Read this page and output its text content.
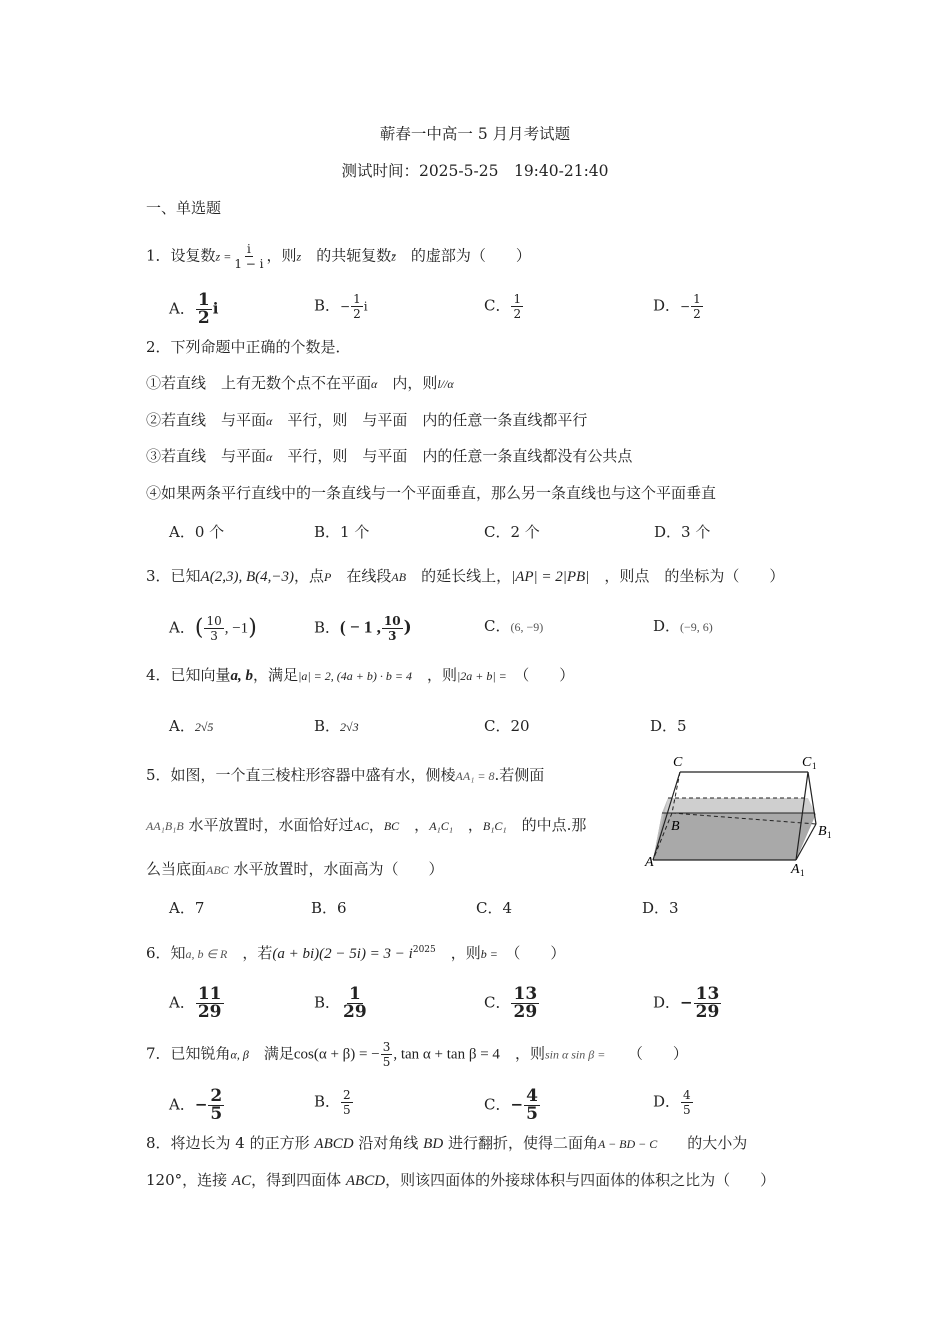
蕲春一中高一 5 月月考试题
测试时间：2025-5-25　19:40-21:40
一、单选题
1．设复数$z = \frac{i}{1 - i}$ ，则z　 的共轭复数z̄　 的虚部为（　　）
A． $\frac{1}{2}$ i	B．− $\frac{1}{2}$ i	C． $\frac{1}{2}$	D．− $\frac{1}{2}$
2．下列命题中正确的个数是．
①若直线　上有无数个点不在平面α　 内，则l//α
②若直线　与平面α　 平行，则　与平面　 内的任意一条直线都平行
③若直线　与平面α　 平行，则　与平面　 内的任意一条直线都没有公共点
④如果两条平行直线中的一条直线与一个平面垂直，那么另一条直线也与这个平面垂直
A．0 个	B．1 个	C．2 个	D．3 个
3．已知A(2,3), B(4,−3)，点P　 在线段AB　 的延长线上，|AP| = 2|PB|　 ，则点　 的坐标为（　　）
A．( $\frac{10}{3}$ , −1)	B．( − 1 , $\frac{10}{3}$ )	C．(6, −9)	D．(−9, 6)
4．已知向量a, b，满足|a| = 2, (4a + b) · b = 4　 ，则|2a + b| =　 （　　）
A．2√5	B．2√3	C．20	D．5
5．如图，一个直三棱柱形容器中盛有水，侧棱AA₁ = 8.若侧面
AA₁B₁B 水平放置时，水面恰好过AC，BC　，A₁C₁　，B₁C₁　 的中点.那
么当底面ABC 水平放置时，水面高为（　　）
A．7	B．6	C．4	D．3
C	C 1
B	B 1
A	A 1
6．知a, b ∈ R　 ，若$(a + bi)(2 - 5i) = 3 - i^{2025}$　 ，则b =　 （　　）
A． $\frac{11}{29}$	B． $\frac{1}{29}$	C． $\frac{13}{29}$	D．− $\frac{13}{29}$
7．已知锐角α, β　 满足cos(α + β) = − $\frac{3}{5}$ , tan α + tan β = 4　 ，则sin α sin β =　　 （　　）
A．− $\frac{2}{5}$	B． $\frac{2}{5}$	C．− $\frac{4}{5}$	D． $\frac{4}{5}$
8．将边长为 4 的正方形 ABCD 沿对角线 BD 进行翻折，使得二面角A − BD − C　　 的大小为
120°，连接 AC，得到四面体 ABCD，则该四面体的外接球体积与四面体的体积之比为（　　）
